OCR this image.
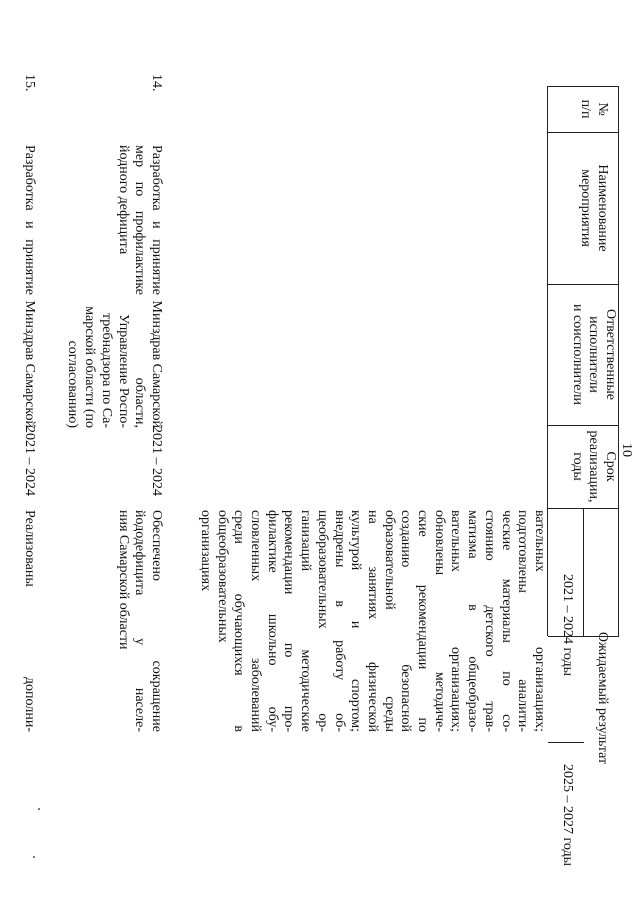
10
№
п/п
Наименование
мероприятия
Ответственные
исполнители
и соисполнители
Срок
реализации,
годы
Ожидаемый результат
2021 – 2024 годы
2025 – 2027 годы
вательных организациях;
подготовлены аналити-
ческие материалы по со-
стоянию детского трав-
матизма в общеобразо-
вательных организациях;
обновлены методиче-
ские рекомендации по
созданию безопасной
образовательной среды
на занятиях физической
культурой и спортом;
внедрены в работу об-
щеобразовательных ор-
ганизаций методические
рекомендации по про-
филактике школьно обу-
словленных заболеваний
среди обучающихся в
общеобразовательных
организациях
14.
Разработка и принятие
мер по профилактике
йодного дефицита
Минздрав Самарской
области,
Управление Роспо-
требнадзора по Са-
марской области (по
согласованию)
2021 – 2024
Обеспечено сокращение
йододефицита у населе-
ния Самарской области
15.
Разработка и принятие
Минздрав Самарской
2021 – 2024
Реализованы дополни-
